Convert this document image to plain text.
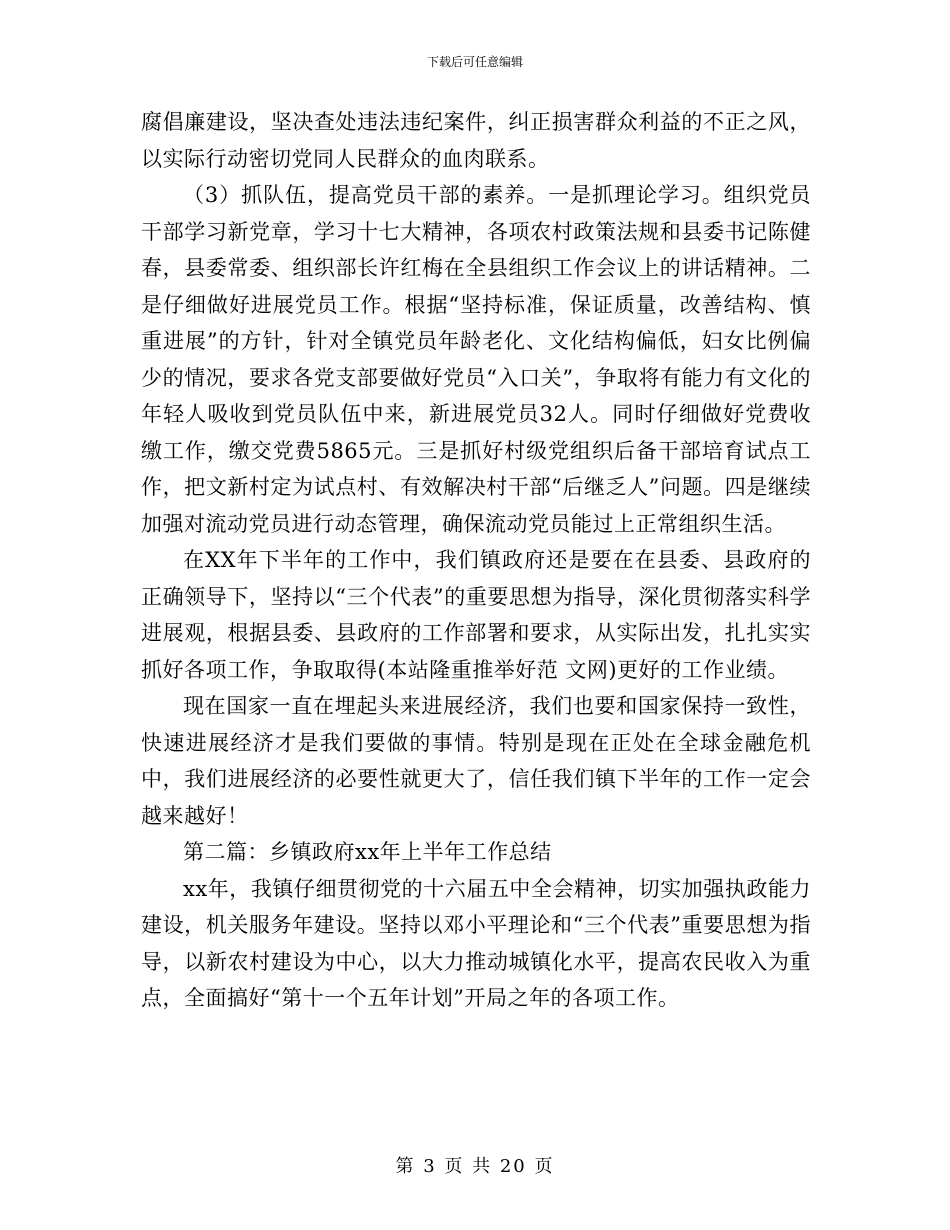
下载后可任意编辑

腐倡廉建设，坚决查处违法违纪案件，纠正损害群众利益的不正之风，以实际行动密切党同人民群众的血肉联系。

（3）抓队伍，提高党员干部的素养。一是抓理论学习。组织党员干部学习新党章，学习十七大精神，各项农村政策法规和县委书记陈健春，县委常委、组织部长许红梅在全县组织工作会议上的讲话精神。二是仔细做好进展党员工作。根据“坚持标准，保证质量，改善结构、慎重进展”的方针，针对全镇党员年龄老化、文化结构偏低，妇女比例偏少的情况，要求各党支部要做好党员“入口关”，争取将有能力有文化的年轻人吸收到党员队伍中来，新进展党员32人。同时仔细做好党费收缴工作，缴交党费5865元。三是抓好村级党组织后备干部培育试点工作，把文新村定为试点村、有效解决村干部“后继乏人”问题。四是继续加强对流动党员进行动态管理，确保流动党员能过上正常组织生活。

在XX年下半年的工作中，我们镇政府还是要在在县委、县政府的正确领导下，坚持以“三个代表”的重要思想为指导，深化贯彻落实科学进展观，根据县委、县政府的工作部署和要求，从实际出发，扎扎实实抓好各项工作，争取取得(本站隆重推举好范 文网)更好的工作业绩。

现在国家一直在埋起头来进展经济，我们也要和国家保持一致性，快速进展经济才是我们要做的事情。特别是现在正处在全球金融危机中，我们进展经济的必要性就更大了，信任我们镇下半年的工作一定会越来越好！

第二篇：乡镇政府xx年上半年工作总结

xx年，我镇仔细贯彻党的十六届五中全会精神，切实加强执政能力建设，机关服务年建设。坚持以邓小平理论和“三个代表”重要思想为指导，以新农村建设为中心，以大力推动城镇化水平，提高农民收入为重点，全面搞好“第十一个五年计划”开局之年的各项工作。

第 3 页 共 20 页
